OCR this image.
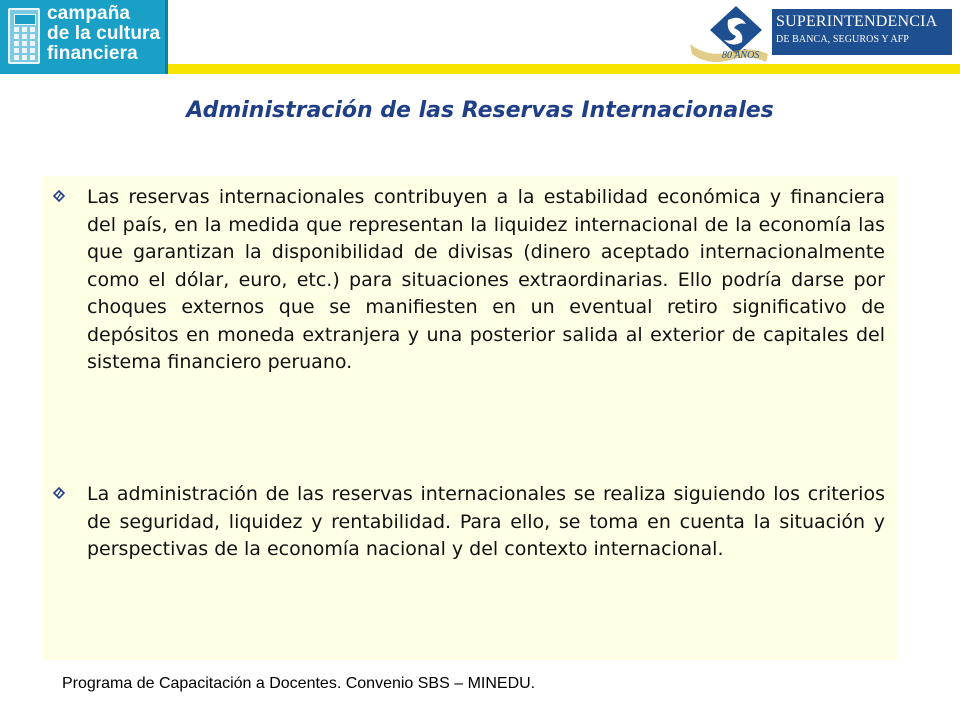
campaña
de la cultura
financiera	80 AÑOS
SUPERINTENDENCIA
DE BANCA, SEGUROS Y AFP
Administración de las Reservas Internacionales
Las reservas internacionales contribuyen a la estabilidad económica y financiera del país, en la medida que representan la liquidez internacional de la economía las que garantizan la disponibilidad de divisas (dinero aceptado internacionalmente como el dólar, euro, etc.) para situaciones extraordinarias. Ello podría darse por choques externos que se manifiesten en un eventual retiro significativo de depósitos en moneda extranjera y una posterior salida al exterior de capitales del sistema financiero peruano.
La administración de las reservas internacionales se realiza siguiendo los criterios de seguridad, liquidez y rentabilidad. Para ello, se toma en cuenta la situación y perspectivas de la economía nacional y del contexto internacional.
Programa de Capacitación a Docentes. Convenio SBS – MINEDU.
